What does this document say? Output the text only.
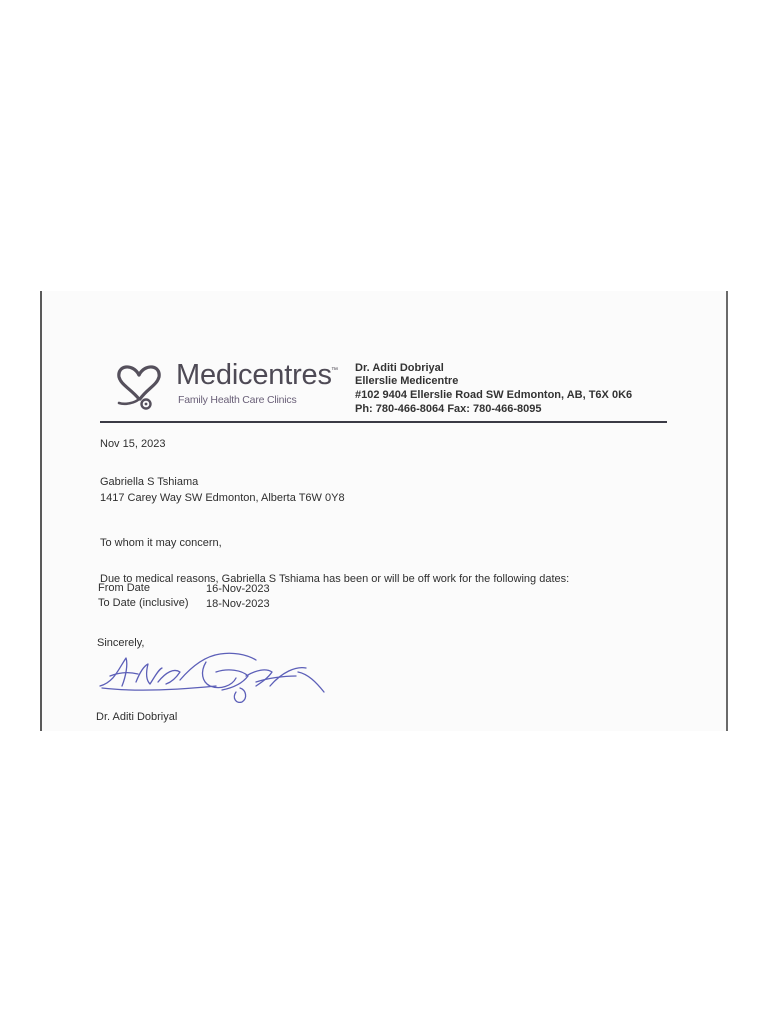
Medicentres ™
Family Health Care Clinics
Dr. Aditi Dobriyal
Ellerslie Medicentre
#102 9404 Ellerslie Road SW Edmonton, AB, T6X 0K6
Ph: 780-466-8064 Fax: 780-466-8095
Nov 15, 2023
Gabriella S Tshiama
1417 Carey Way SW Edmonton, Alberta T6W 0Y8
To whom it may concern,
Due to medical reasons, Gabriella S Tshiama has been or will be off work for the following dates:
From Date	16-Nov-2023
To Date (inclusive) 18-Nov-2023
Sincerely,
Dr. Aditi Dobriyal
